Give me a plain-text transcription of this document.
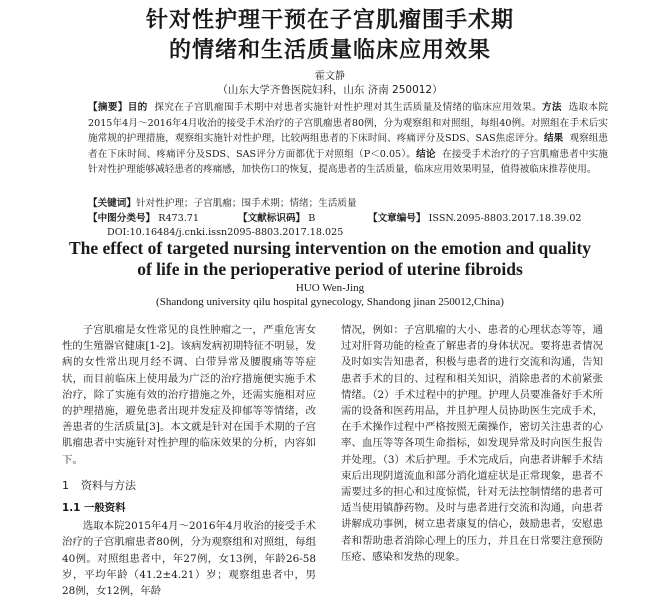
针对性护理干预在子宫肌瘤围手术期
的情绪和生活质量临床应用效果
霍文静
（山东大学齐鲁医院妇科，山东 济南 250012）
【摘要】目的 探究在子宫肌瘤围手术期中对患者实施针对性护理对其生活质量及情绪的临床应用效果。方法 选取本院2015年4月～2016年4月收治的接受手术治疗的子宫肌瘤患者80例，分为观察组和对照组，每组40例。对照组在手术后实施常规的护理措施，观察组实施针对性护理，比较两组患者的下床时间、疼痛评分及SDS、SAS焦虑评分。结果 观察组患者在下床时间、疼痛评分及SDS、SAS评分方面都优于对照组（P＜0.05）。结论 在接受手术治疗的子宫肌瘤患者中实施针对性护理能够减轻患者的疼痛感，加快伤口的恢复，提高患者的生活质量，临床应用效果明显，值得被临床推荐使用。
【关键词】针对性护理；子宫肌瘤；围手术期；情绪；生活质量
【中图分类号】 R473.71	【文献标识码】 B	【文章编号】 ISSN.2095-8803.2017.18.39.02
DOI:10.16484/j.cnki.issn2095-8803.2017.18.025
The effect of targeted nursing intervention on the emotion and quality
of life in the perioperative period of uterine fibroids
HUO Wen-Jing
(Shandong university qilu hospital gynecology, Shandong jinan 250012,China)

子宫肌瘤是女性常见的良性肿瘤之一，严重危害女性的生殖器官健康[1-2]。该病发病初期特征不明显，发病的女性常出现月经不调、白带异常及腰腹痛等等症状，而目前临床上使用最为广泛的治疗措施便实施手术治疗，除了实施有效的治疗措施之外，还需实施相对应的护理措施，避免患者出现并发症及抑郁等等情绪，改善患者的生活质量[3]。本文就是针对在国手术期的子宫肌瘤患者中实施针对性护理的临床效果的分析，内容如下。

1 资料与方法
1.1 一般资料

选取本院2015年4月～2016年4月收治的接受手术治疗的子宫肌瘤患者80例，分为观察组和对照组，每组40例。对照组患者中，年27例，女13例，年龄26-58岁，平均年龄（41.2±4.21）岁；观察组患者中，男28例，女12例，年龄

情况，例如：子宫肌瘤的大小、患者的心理状态等等，通过对肝肾功能的检查了解患者的身体状况。要将患者情况及时如实告知患者，积极与患者的进行交流和沟通，告知患者手术的目的、过程和相关知识，消除患者的术前紧张情绪。（2）手术过程中的护理。护理人员要准备好手术所需的设备和医药用品，并且护理人员协助医生完成手术，在手术操作过程中严格按照无菌操作，密切关注患者的心率、血压等等各项生命指标，如发现异常及时向医生报告并处理。（3）术后护理。手术完成后，向患者讲解手术结束后出现阴道流血和部分消化道症状是正常现象，患者不需要过多的担心和过度惊慌，针对无法控制情绪的患者可适当使用镇静药物。及时与患者进行交流和沟通，向患者讲解成功事例，树立患者康复的信心，鼓励患者，安慰患者和帮助患者消除心理上的压力，并且在日常要注意预防压疮、感染和发热的现象。
